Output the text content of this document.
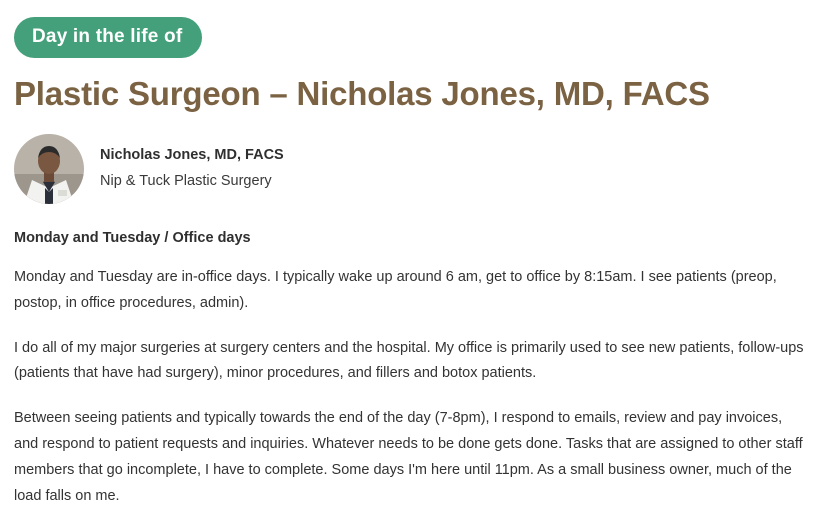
Day in the life of
Plastic Surgeon – Nicholas Jones, MD, FACS
Nicholas Jones, MD, FACS
Nip & Tuck Plastic Surgery
Monday and Tuesday / Office days

Monday and Tuesday are in-office days. I typically wake up around 6 am, get to office by 8:15am. I see patients (preop, postop, in office procedures, admin).

I do all of my major surgeries at surgery centers and the hospital. My office is primarily used to see new patients, follow-ups (patients that have had surgery), minor procedures, and fillers and botox patients.

Between seeing patients and typically towards the end of the day (7-8pm), I respond to emails, review and pay invoices, and respond to patient requests and inquiries. Whatever needs to be done gets done. Tasks that are assigned to other staff members that go incomplete, I have to complete. Some days I'm here until 11pm. As a small business owner, much of the load falls on me.
